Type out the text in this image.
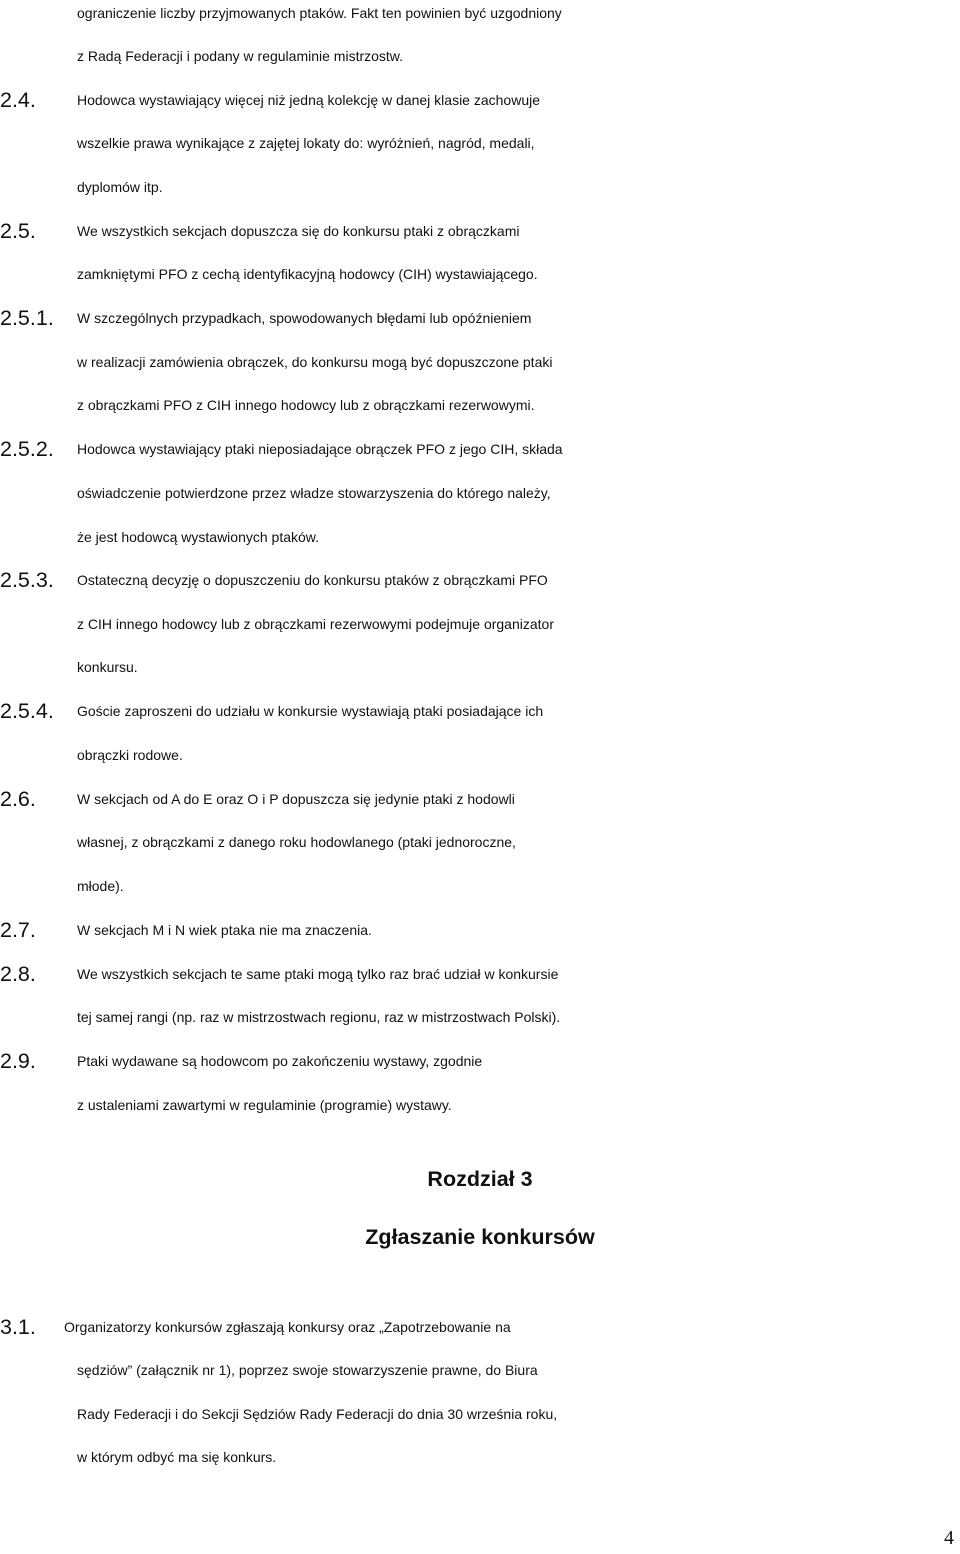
ograniczenie liczby przyjmowanych ptaków. Fakt ten powinien być uzgodniony
z Radą Federacji i podany w regulaminie mistrzostw.
2.4.	Hodowca wystawiający więcej niż jedną kolekcję w danej klasie zachowuje
wszelkie prawa wynikające z zajętej lokaty do: wyróżnień, nagród, medali,
dyplomów itp.
2.5.	We wszystkich sekcjach dopuszcza się do konkursu ptaki z obrączkami
zamkniętymi PFO z cechą identyfikacyjną hodowcy (CIH) wystawiającego.
2.5.1. W szczególnych przypadkach, spowodowanych błędami lub opóźnieniem
w realizacji zamówienia obrączek, do konkursu mogą być dopuszczone ptaki
z obrączkami PFO z CIH innego hodowcy lub z obrączkami rezerwowymi.
2.5.2. Hodowca wystawiający ptaki nieposiadające obrączek PFO z jego CIH, składa
oświadczenie potwierdzone przez władze stowarzyszenia do którego należy,
że jest hodowcą wystawionych ptaków.
2.5.3. Ostateczną decyzję o dopuszczeniu do konkursu ptaków z obrączkami PFO
z CIH innego hodowcy lub z obrączkami rezerwowymi podejmuje organizator
konkursu.
2.5.4. Goście zaproszeni do udziału w konkursie wystawiają ptaki posiadające ich
obrączki rodowe.
2.6.	W sekcjach od A do E oraz O i P dopuszcza się jedynie ptaki z hodowli
własnej, z obrączkami z danego roku hodowlanego (ptaki jednoroczne,
młode).
2.7.	W sekcjach M i N wiek ptaka nie ma znaczenia.
2.8.	We wszystkich sekcjach te same ptaki mogą tylko raz brać udział w konkursie
tej samej rangi (np. raz w mistrzostwach regionu, raz w mistrzostwach Polski).
2.9.	Ptaki wydawane są hodowcom po zakończeniu wystawy, zgodnie
z ustaleniami zawartymi w regulaminie (programie) wystawy.
Rozdział 3
Zgłaszanie konkursów
3.1. Organizatorzy konkursów zgłaszają konkursy oraz „Zapotrzebowanie na
sędziów” (załącznik nr 1), poprzez swoje stowarzyszenie prawne, do Biura
Rady Federacji i do Sekcji Sędziów Rady Federacji do dnia 30 września roku,
w którym odbyć ma się konkurs.
4
